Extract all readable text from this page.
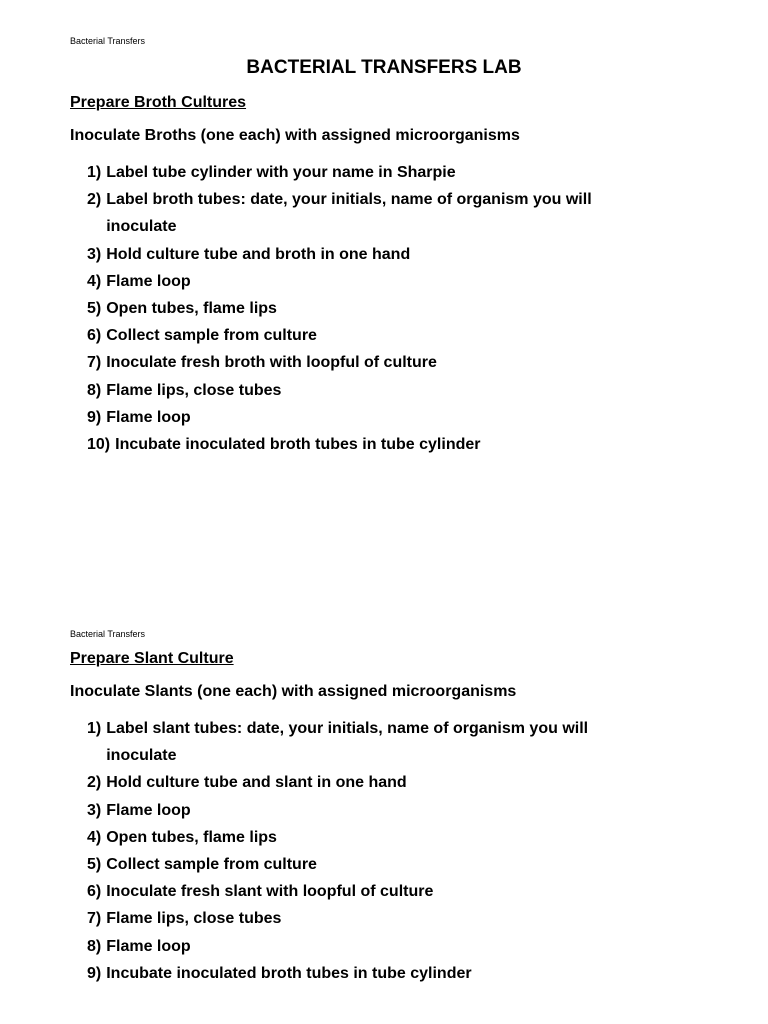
Bacterial Transfers
BACTERIAL TRANSFERS LAB
Prepare Broth Cultures
Inoculate Broths (one each) with assigned microorganisms
1) Label tube cylinder with your name in Sharpie
2) Label broth tubes: date, your initials, name of organism you will inoculate
3) Hold culture tube and broth in one hand
4) Flame loop
5) Open tubes, flame lips
6) Collect sample from culture
7) Inoculate fresh broth with loopful of culture
8) Flame lips, close tubes
9) Flame loop
10) Incubate inoculated broth tubes in tube cylinder
Bacterial Transfers
Prepare Slant Culture
Inoculate Slants (one each) with assigned microorganisms
1) Label slant tubes: date, your initials, name of organism you will inoculate
2) Hold culture tube and slant in one hand
3) Flame loop
4) Open tubes, flame lips
5) Collect sample from culture
6) Inoculate fresh slant with loopful of culture
7) Flame lips, close tubes
8) Flame loop
9) Incubate inoculated broth tubes in tube cylinder
